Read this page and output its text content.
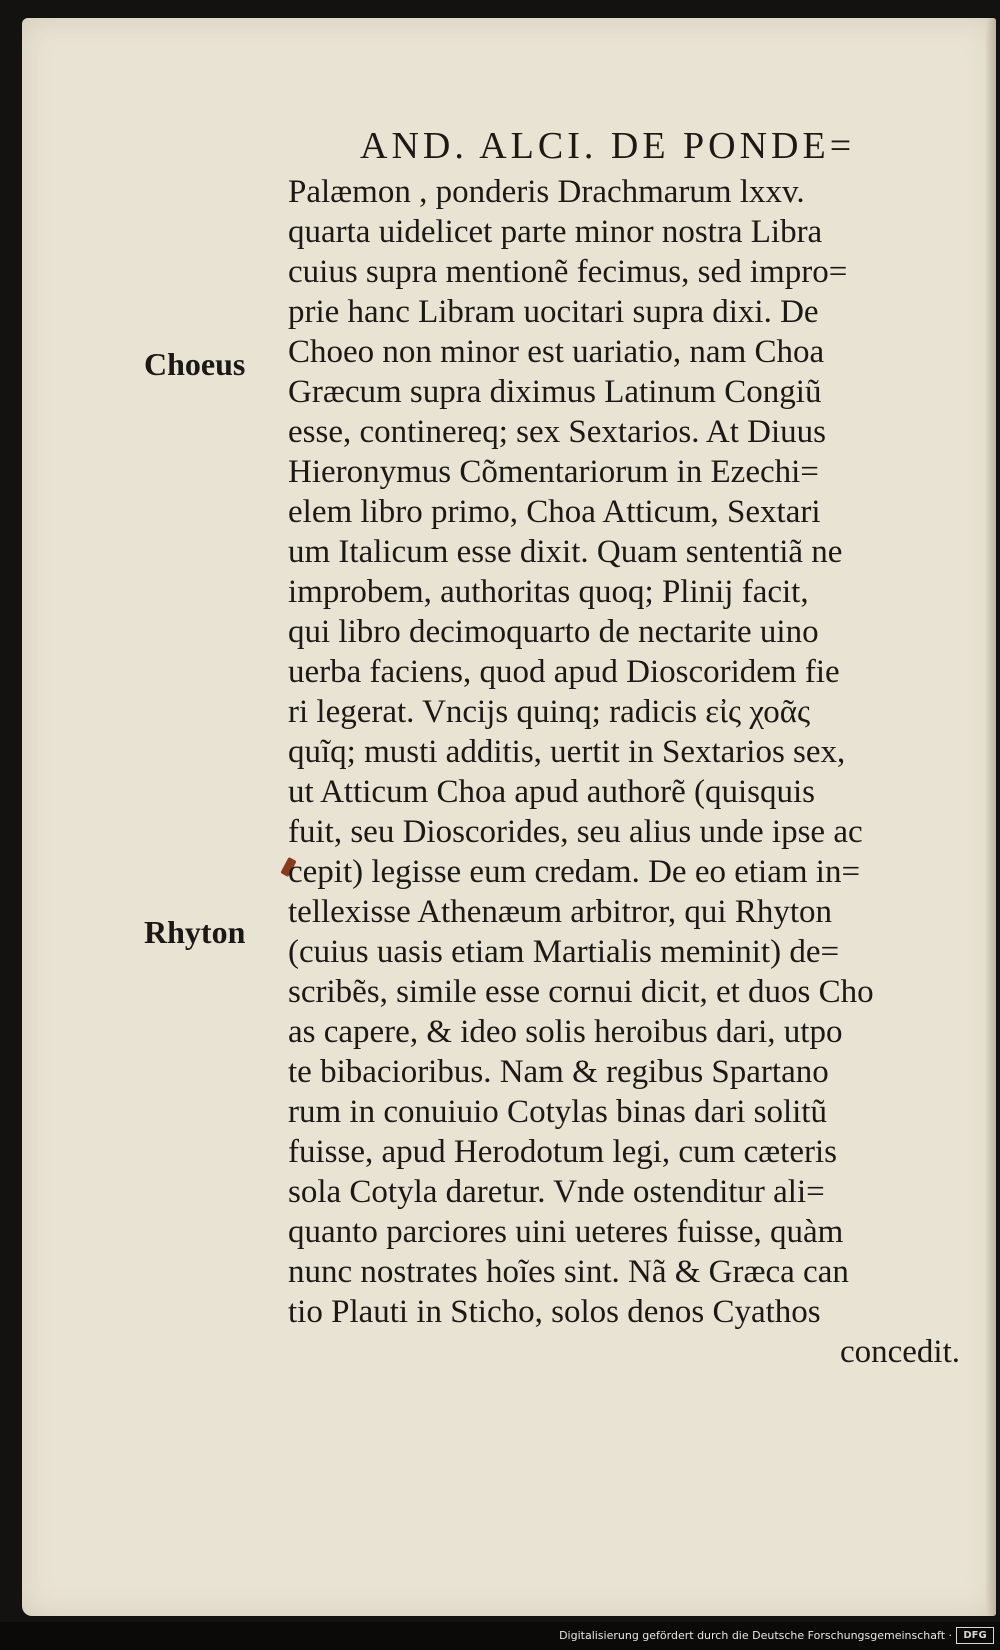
AND. ALCI. DE PONDE=
Choeus
Rhyton
Palæmon , ponderis Drachmarum lxxv.
quarta uidelicet parte minor nostra Libra
cuius supra mentionẽ fecimus, sed impro=
prie hanc Libram uocitari supra dixi. De
Choeo non minor est uariatio, nam Choa
Græcum supra diximus Latinum Congiũ
esse, continereq; sex Sextarios. At Diuus
Hieronymus Cõmentariorum in Ezechi=
elem libro primo, Choa Atticum, Sextari
um Italicum esse dixit. Quam sententiã ne
improbem, authoritas quoq; Plinij facit,
qui libro decimoquarto de nectarite uino
uerba faciens, quod apud Dioscoridem fie
ri legerat. Vncijs quinq; radicis εἰς χοᾶς
quĩq; musti additis, uertit in Sextarios sex,
ut Atticum Choa apud authorẽ (quisquis
fuit, seu Dioscorides, seu alius unde ipse ac
cepit) legisse eum credam. De eo etiam in=
tellexisse Athenæum arbitror, qui Rhyton
(cuius uasis etiam Martialis meminit) de=
scribẽs, simile esse cornui dicit, et duos Cho
as capere, & ideo solis heroibus dari, utpo
te bibacioribus. Nam & regibus Spartano
rum in conuiuio Cotylas binas dari solitũ
fuisse, apud Herodotum legi, cum cæteris
sola Cotyla daretur. Vnde ostenditur ali=
quanto parciores uini ueteres fuisse, quàm
nunc nostrates hoĩes sint. Nã & Græca can
tio Plauti in Sticho, solos denos Cyathos
concedit.
Digitalisierung gefördert durch die Deutsche Forschungsgemeinschaft ·	DFG
